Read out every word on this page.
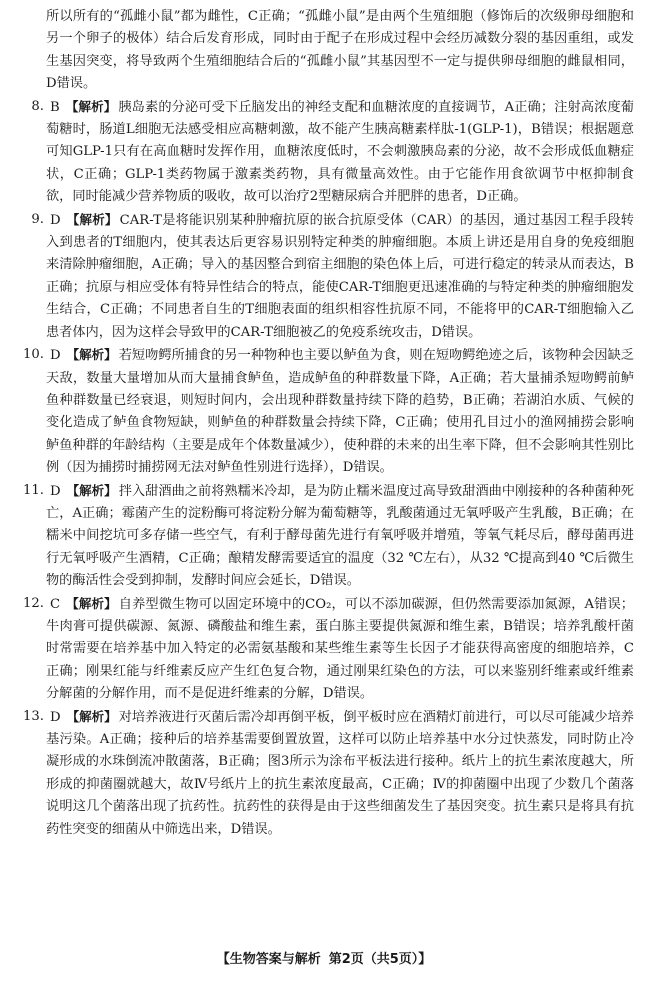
所以所有的“孤雌小鼠”都为雌性，C正确；“孤雌小鼠”是由两个生殖细胞（修饰后的次级卵母细胞和另一个卵子的极体）结合后发育形成，同时由于配子在形成过程中会经历减数分裂的基因重组，或发生基因突变，将导致两个生殖细胞结合后的“孤雌小鼠”其基因型不一定与提供卵母细胞的雌鼠相同，D错误。

8. B 【解析】 胰岛素的分泌可受下丘脑发出的神经支配和血糖浓度的直接调节，A正确；注射高浓度葡萄糖时，肠道L细胞无法感受相应高糖刺激，故不能产生胰高糖素样肽-1(GLP-1)，B错误；根据题意可知GLP-1只有在高血糖时发挥作用，血糖浓度低时，不会刺激胰岛素的分泌，故不会形成低血糖症状，C正确；GLP-1类药物属于激素类药物，具有微量高效性。由于它能作用食欲调节中枢抑制食欲，同时能减少营养物质的吸收，故可以治疗2型糖尿病合并肥胖的患者，D正确。

9. D 【解析】 CAR-T是将能识别某种肿瘤抗原的嵌合抗原受体（CAR）的基因，通过基因工程手段转入到患者的T细胞内，使其表达后更容易识别特定种类的肿瘤细胞。本质上讲还是用自身的免疫细胞来清除肿瘤细胞，A正确；导入的基因整合到宿主细胞的染色体上后，可进行稳定的转录从而表达，B正确；抗原与相应受体有特异性结合的特点，能使CAR-T细胞更迅速准确的与特定种类的肿瘤细胞发生结合，C正确；不同患者自生的T细胞表面的组织相容性抗原不同，不能将甲的CAR-T细胞输入乙患者体内，因为这样会导致甲的CAR-T细胞被乙的免疫系统攻击，D错误。

10. D 【解析】 若短吻鳄所捕食的另一种物种也主要以鲈鱼为食，则在短吻鳄绝迹之后，该物种会因缺乏天敌，数量大量增加从而大量捕食鲈鱼，造成鲈鱼的种群数量下降，A正确；若大量捕杀短吻鳄前鲈鱼种群数量已经衰退，则短时间内，会出现种群数量持续下降的趋势，B正确；若湖泊水质、气候的变化造成了鲈鱼食物短缺，则鲈鱼的种群数量会持续下降，C正确；使用孔目过小的渔网捕捞会影响鲈鱼种群的年龄结构（主要是成年个体数量减少），使种群的未来的出生率下降，但不会影响其性别比例（因为捕捞时捕捞网无法对鲈鱼性别进行选择），D错误。

11. D 【解析】 拌入甜酒曲之前将熟糯米冷却，是为防止糯米温度过高导致甜酒曲中刚接种的各种菌种死亡，A正确；霉菌产生的淀粉酶可将淀粉分解为葡萄糖等，乳酸菌通过无氧呼吸产生乳酸，B正确；在糯米中间挖坑可多存储一些空气，有利于酵母菌先进行有氧呼吸并增殖，等氧气耗尽后，酵母菌再进行无氧呼吸产生酒精，C正确；酿精发酵需要适宜的温度（32 ℃左右），从32 ℃提高到40 ℃后微生物的酶活性会受到抑制，发酵时间应会延长，D错误。

12. C 【解析】 自养型微生物可以固定环境中的CO₂，可以不添加碳源，但仍然需要添加氮源，A错误；牛肉膏可提供碳源、氮源、磷酸盐和维生素，蛋白胨主要提供氮源和维生素，B错误；培养乳酸杆菌时常需要在培养基中加入特定的必需氨基酸和某些维生素等生长因子才能获得高密度的细胞培养，C正确；刚果红能与纤维素反应产生红色复合物，通过刚果红染色的方法，可以来鉴别纤维素或纤维素分解菌的分解作用，而不是促进纤维素的分解，D错误。

13. D 【解析】 对培养液进行灭菌后需冷却再倒平板，倒平板时应在酒精灯前进行，可以尽可能减少培养基污染。A正确；接种后的培养基需要倒置放置，这样可以防止培养基中水分过快蒸发，同时防止冷凝形成的水珠倒流冲散菌落，B正确；图3所示为涂布平板法进行接种。纸片上的抗生素浓度越大，所形成的抑菌圈就越大，故Ⅳ号纸片上的抗生素浓度最高，C正确；Ⅳ的抑菌圈中出现了少数几个菌落说明这几个菌落出现了抗药性。抗药性的获得是由于这些细菌发生了基因突变。抗生素只是将具有抗药性突变的细菌从中筛选出来，D错误。

【生物答案与解析 第2页（共5页）】
